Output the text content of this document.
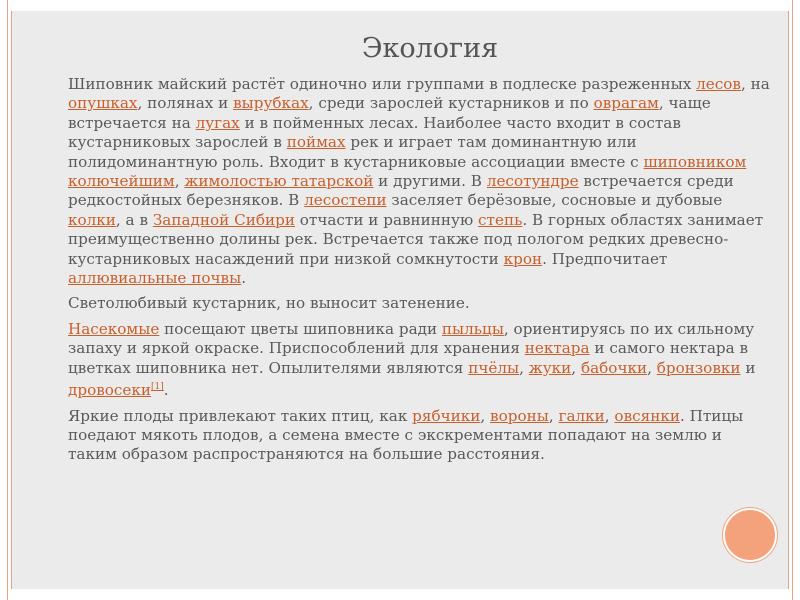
Экология
Шиповник майский растёт одиночно или группами в подлеске разреженных лесов, на опушках, полянах и вырубках, среди зарослей кустарников и по оврагам, чаще встречается на лугах и в пойменных лесах. Наиболее часто входит в состав кустарниковых зарослей в поймах рек и играет там доминантную или полидоминантную роль. Входит в кустарниковые ассоциации вместе с шиповником колючейшим, жимолостью татарской и другими. В лесотундре встречается среди редкостойных березняков. В лесостепи заселяет берёзовые, сосновые и дубовые колки, а в Западной Сибири отчасти и равнинную степь. В горных областях занимает преимущественно долины рек. Встречается также под пологом редких древесно-кустарниковых насаждений при низкой сомкнутости крон. Предпочитает аллювиальные почвы.
Светолюбивый кустарник, но выносит затенение.
Насекомые посещают цветы шиповника ради пыльцы, ориентируясь по их сильному запаху и яркой окраске. Приспособлений для хранения нектара и самого нектара в цветках шиповника нет. Опылителями являются пчёлы, жуки, бабочки, бронзовки и дровосеки[1].
Яркие плоды привлекают таких птиц, как рябчики, вороны, галки, овсянки. Птицы поедают мякоть плодов, а семена вместе с экскрементами попадают на землю и таким образом распространяются на большие расстояния.
